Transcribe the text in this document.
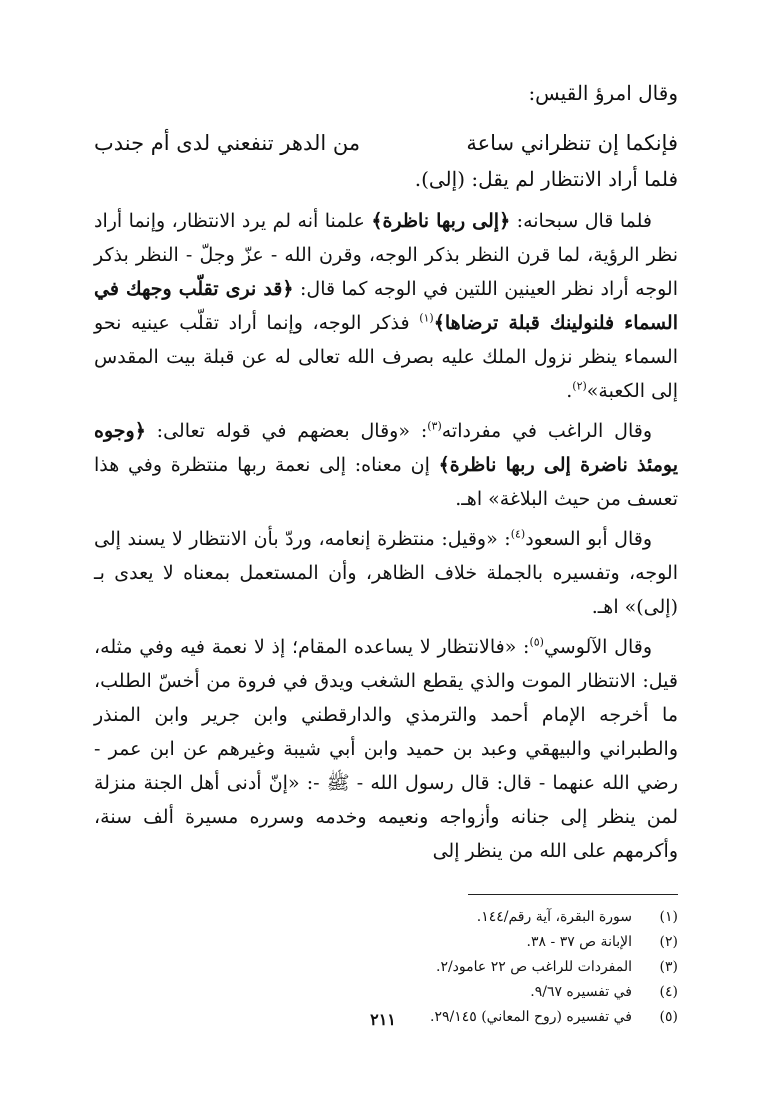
وقال امرؤ القيس:

فإنكما إن تنظراني ساعة
من الدهر تنفعني لدى أم جندب

فلما أراد الانتظار لم يقل: (إلى).

فلما قال سبحانه: ﴿إلى ربها ناظرة﴾ علمنا أنه لم يرد الانتظار، وإنما أراد نظر الرؤية، لما قرن النظر بذكر الوجه، وقرن الله - عزّ وجلّ - النظر بذكر الوجه أراد نظر العينين اللتين في الوجه كما قال: ﴿قد نرى تقلّب وجهك في السماء فلنولينك قبلة ترضاها﴾$^{(١)}$ فذكر الوجه، وإنما أراد تقلّب عينيه نحو السماء ينظر نزول الملك عليه بصرف الله تعالى له عن قبلة بيت المقدس إلى الكعبة»$^{(٢)}$.

وقال الراغب في مفرداته$^{(٣)}$: «وقال بعضهم في قوله تعالى: ﴿وجوه يومئذ ناضرة إلى ربها ناظرة﴾ إن معناه: إلى نعمة ربها منتظرة وفي هذا تعسف من حيث البلاغة» اهـ.

وقال أبو السعود$^{(٤)}$: «وقيل: منتظرة إنعامه، وردّ بأن الانتظار لا يسند إلى الوجه، وتفسيره بالجملة خلاف الظاهر، وأن المستعمل بمعناه لا يعدى بـ (إلى)» اهـ.

وقال الآلوسي$^{(٥)}$: «فالانتظار لا يساعده المقام؛ إذ لا نعمة فيه وفي مثله، قيل: الانتظار الموت والذي يقطع الشغب ويدق في فروة من أخسّ الطلب، ما أخرجه الإمام أحمد والترمذي والدارقطني وابن جرير وابن المنذر والطبراني والبيهقي وعبد بن حميد وابن أبي شيبة وغيرهم عن ابن عمر - رضي الله عنهما - قال: قال رسول الله - ﷺ -: «إنّ أدنى أهل الجنة منزلة لمن ينظر إلى جنانه وأزواجه ونعيمه وخدمه وسرره مسيرة ألف سنة، وأكرمهم على الله من ينظر إلى

(١)
سورة البقرة، آية رقم/١٤٤.
(٢)
الإبانة ص ٣٧ - ٣٨.
(٣)
المفردات للراغب ص ٢٢ عامود/٢.
(٤)
في تفسيره ٩/٦٧.
(٥)
في تفسيره (روح المعاني) ٢٩/١٤٥.
٢١١
